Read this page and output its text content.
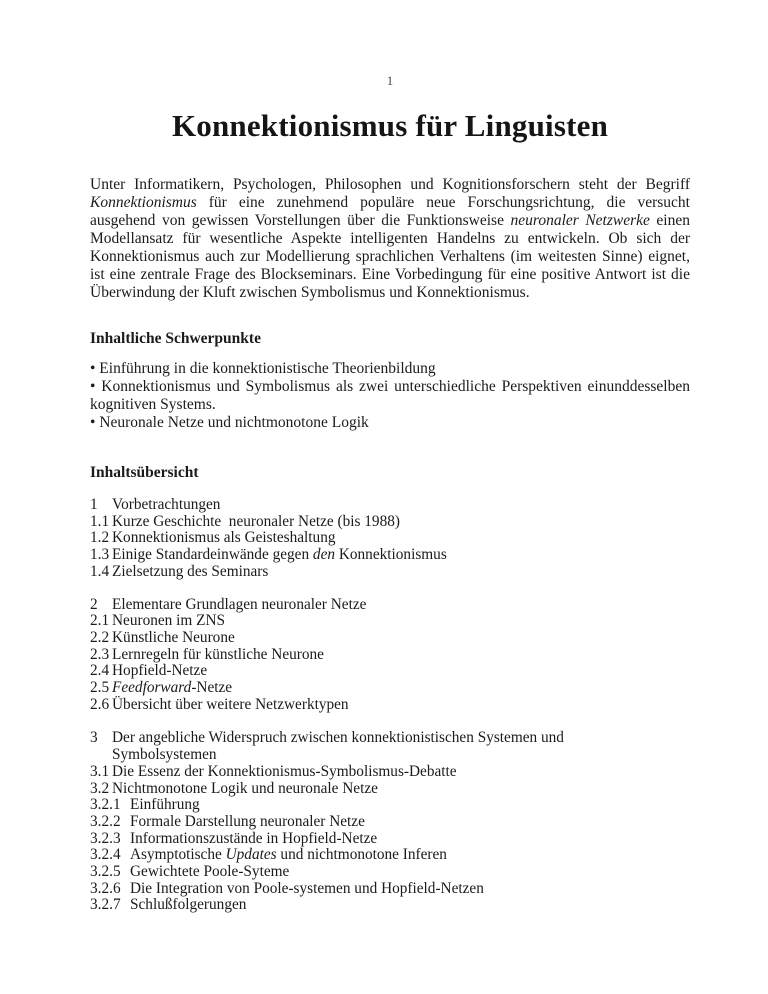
1
Konnektionismus für Linguisten

Unter Informatikern, Psychologen, Philosophen und Kognitionsforschern steht der Begriff Konnektionismus für eine zunehmend populäre neue Forschungsrichtung, die versucht ausgehend von gewissen Vorstellungen über die Funktionsweise neuronaler Netzwerke einen Modellansatz für wesentliche Aspekte intelligenten Handelns zu entwickeln. Ob sich der Konnektionismus auch zur Modellierung sprachlichen Verhaltens (im weitesten Sinne) eignet, ist eine zentrale Frage des Blockseminars. Eine Vorbedingung für eine positive Antwort ist die Überwindung der Kluft zwischen Symbolismus und Konnektionismus.

Inhaltliche Schwerpunkte
• Einführung in die konnektionistische Theorienbildung
• Konnektionismus und Symbolismus als zwei unterschiedliche Perspektiven einunddesselben kognitiven Systems.
• Neuronale Netze und nichtmonotone Logik
Inhaltsübersicht
1 Vorbetrachtungen
1.1 Kurze Geschichte  neuronaler Netze (bis 1988)
1.2 Konnektionismus als Geisteshaltung
1.3 Einige Standardeinwände gegen den Konnektionismus
1.4 Zielsetzung des Seminars
2 Elementare Grundlagen neuronaler Netze
2.1 Neuronen im ZNS
2.2 Künstliche Neurone
2.3 Lernregeln für künstliche Neurone
2.4 Hopfield-Netze
2.5 Feedforward-Netze
2.6 Übersicht über weitere Netzwerktypen
3 Der angebliche Widerspruch zwischen konnektionistischen Systemen und
Symbolsystemen
3.1 Die Essenz der Konnektionismus-Symbolismus-Debatte
3.2 Nichtmonotone Logik und neuronale Netze
3.2.1 Einführung
3.2.2 Formale Darstellung neuronaler Netze
3.2.3 Informationszustände in Hopfield-Netze
3.2.4 Asymptotische Updates und nichtmonotone Inferen
3.2.5 Gewichtete Poole-Syteme
3.2.6 Die Integration von Poole-systemen und Hopfield-Netzen
3.2.7 Schlußfolgerungen
